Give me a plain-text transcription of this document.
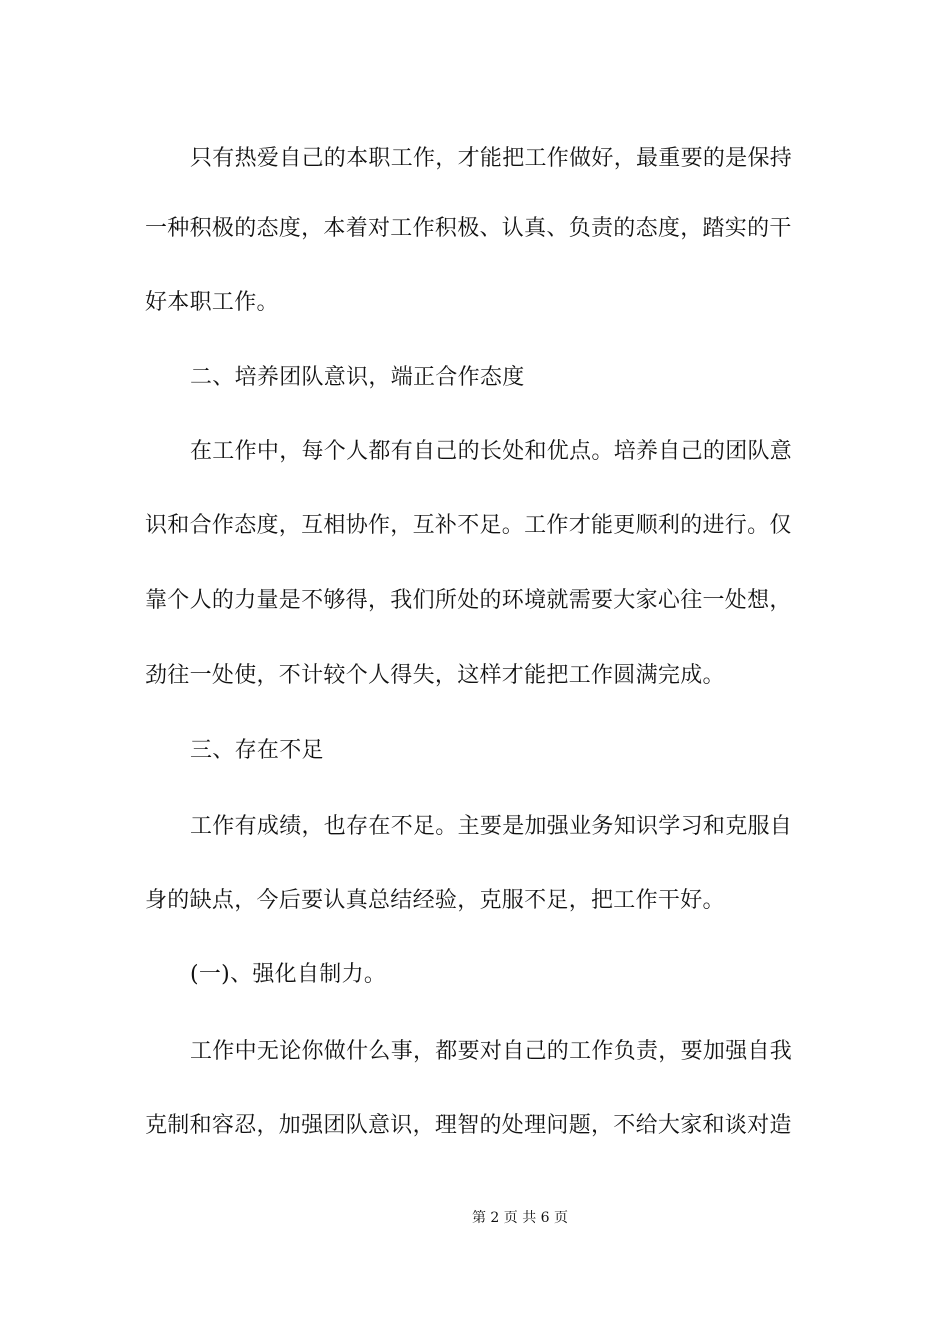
只有热爱自己的本职工作，才能把工作做好，最重要的是保持
一种积极的态度，本着对工作积极、认真、负责的态度，踏实的干
好本职工作。
二、培养团队意识，端正合作态度
在工作中，每个人都有自己的长处和优点。培养自己的团队意
识和合作态度，互相协作，互补不足。工作才能更顺利的进行。仅
靠个人的力量是不够得，我们所处的环境就需要大家心往一处想，
劲往一处使，不计较个人得失，这样才能把工作圆满完成。
三、存在不足
工作有成绩，也存在不足。主要是加强业务知识学习和克服自
身的缺点，今后要认真总结经验，克服不足，把工作干好。
(一)、强化自制力。
工作中无论你做什么事，都要对自己的工作负责，要加强自我
克制和容忍，加强团队意识，理智的处理问题，不给大家和谈对造
第 2 页 共 6 页
